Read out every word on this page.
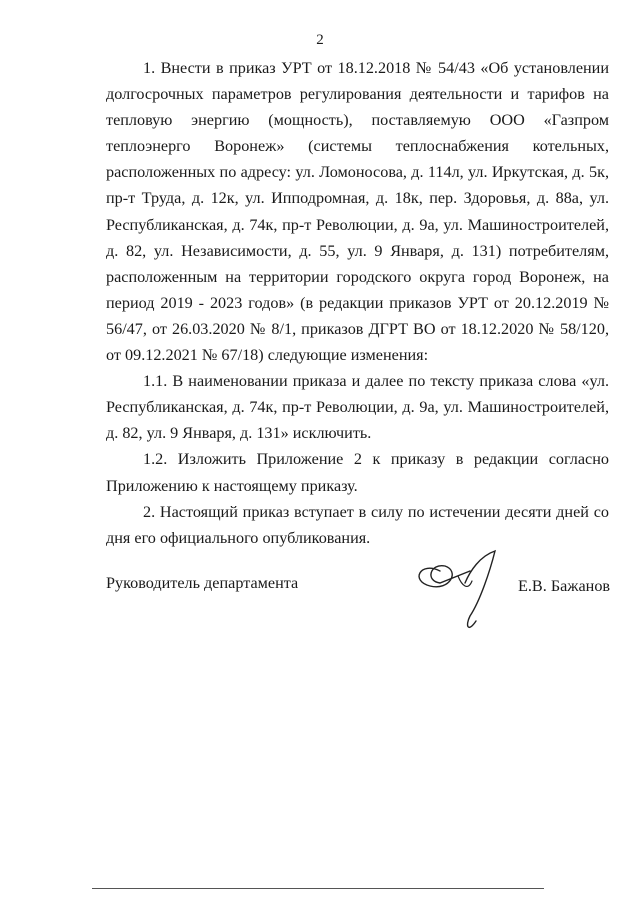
2

1. Внести в приказ УРТ от 18.12.2018 № 54/43 «Об установлении долгосрочных параметров регулирования деятельности и тарифов на тепловую энергию (мощность), поставляемую ООО «Газпром теплоэнерго Воронеж» (системы теплоснабжения котельных, расположенных по адресу: ул. Ломоносова, д. 114л, ул. Иркутская, д. 5к, пр-т Труда, д. 12к, ул. Ипподромная, д. 18к, пер. Здоровья, д. 88а, ул. Республиканская, д. 74к, пр-т Революции, д. 9а, ул. Машиностроителей, д. 82, ул. Независимости, д. 55, ул. 9 Января, д. 131) потребителям, расположенным на территории городского округа город Воронеж, на период 2019 - 2023 годов» (в редакции приказов УРТ от 20.12.2019 № 56/47, от 26.03.2020 № 8/1, приказов ДГРТ ВО от 18.12.2020 № 58/120, от 09.12.2021 № 67/18) следующие изменения:

1.1. В наименовании приказа и далее по тексту приказа слова «ул. Республиканская, д. 74к, пр-т Революции, д. 9а, ул. Машиностроителей, д. 82, ул. 9 Января, д. 131» исключить.

1.2. Изложить Приложение 2 к приказу в редакции согласно Приложению к настоящему приказу.

2. Настоящий приказ вступает в силу по истечении десяти дней со дня его официального опубликования.

Руководитель департамента	Е.В. Бажанов
